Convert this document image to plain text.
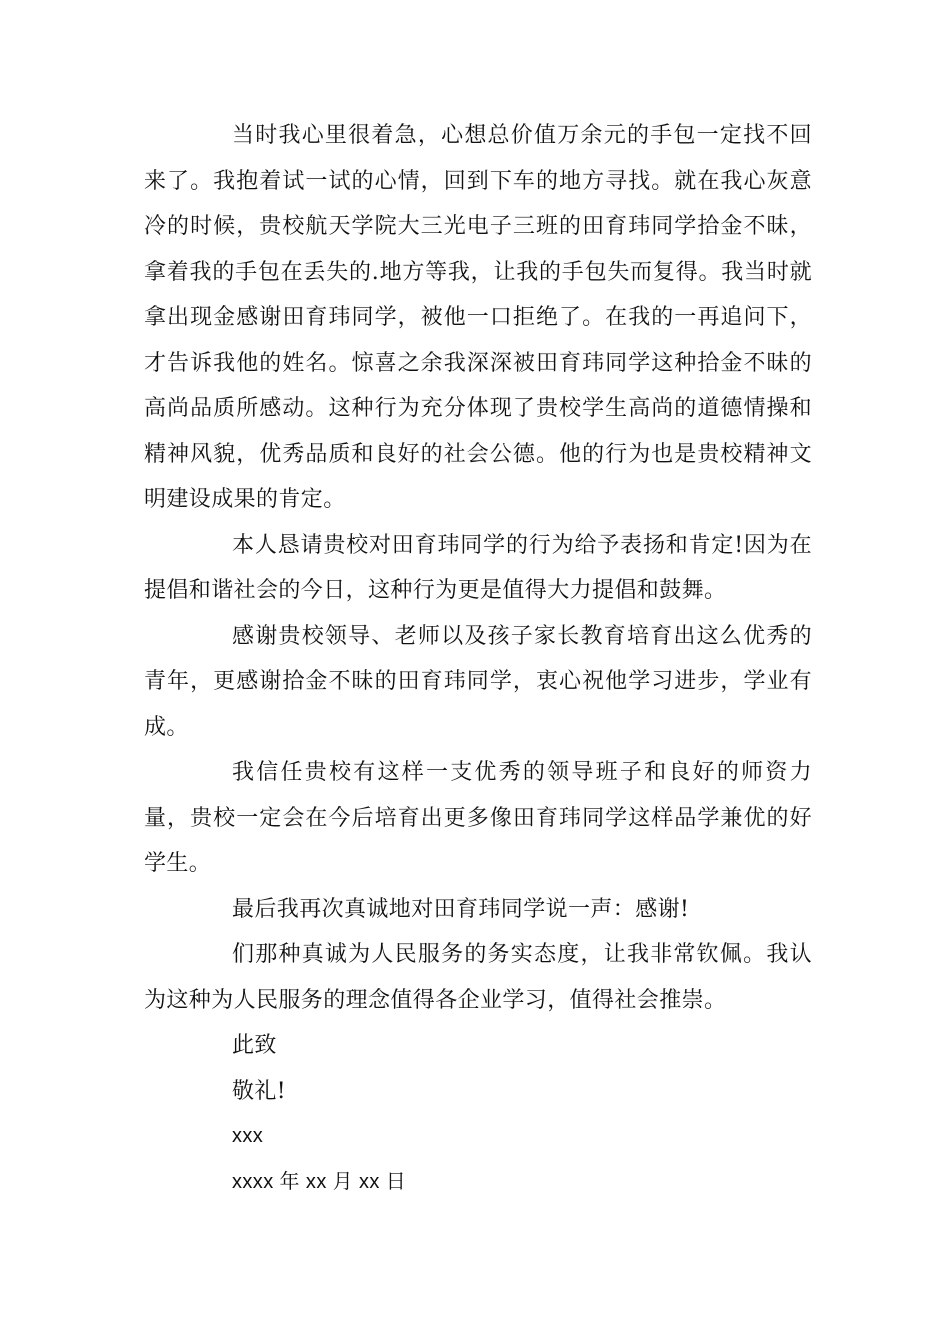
当时我心里很着急，心想总价值万余元的手包一定找不回来了。我抱着试一试的心情，回到下车的地方寻找。就在我心灰意冷的时候，贵校航天学院大三光电子三班的田育玮同学拾金不昧，拿着我的手包在丢失的.地方等我，让我的手包失而复得。我当时就拿出现金感谢田育玮同学，被他一口拒绝了。在我的一再追问下，才告诉我他的姓名。惊喜之余我深深被田育玮同学这种拾金不昧的高尚品质所感动。这种行为充分体现了贵校学生高尚的道德情操和精神风貌，优秀品质和良好的社会公德。他的行为也是贵校精神文明建设成果的肯定。

本人恳请贵校对田育玮同学的行为给予表扬和肯定!因为在提倡和谐社会的今日，这种行为更是值得大力提倡和鼓舞。

感谢贵校领导、老师以及孩子家长教育培育出这么优秀的青年，更感谢拾金不昧的田育玮同学，衷心祝他学习进步，学业有成。

我信任贵校有这样一支优秀的领导班子和良好的师资力量，贵校一定会在今后培育出更多像田育玮同学这样品学兼优的好学生。

最后我再次真诚地对田育玮同学说一声：感谢!

们那种真诚为人民服务的务实态度，让我非常钦佩。我认为这种为人民服务的理念值得各企业学习，值得社会推崇。

此致

敬礼!

xxx

xxxx 年 xx 月 xx 日
